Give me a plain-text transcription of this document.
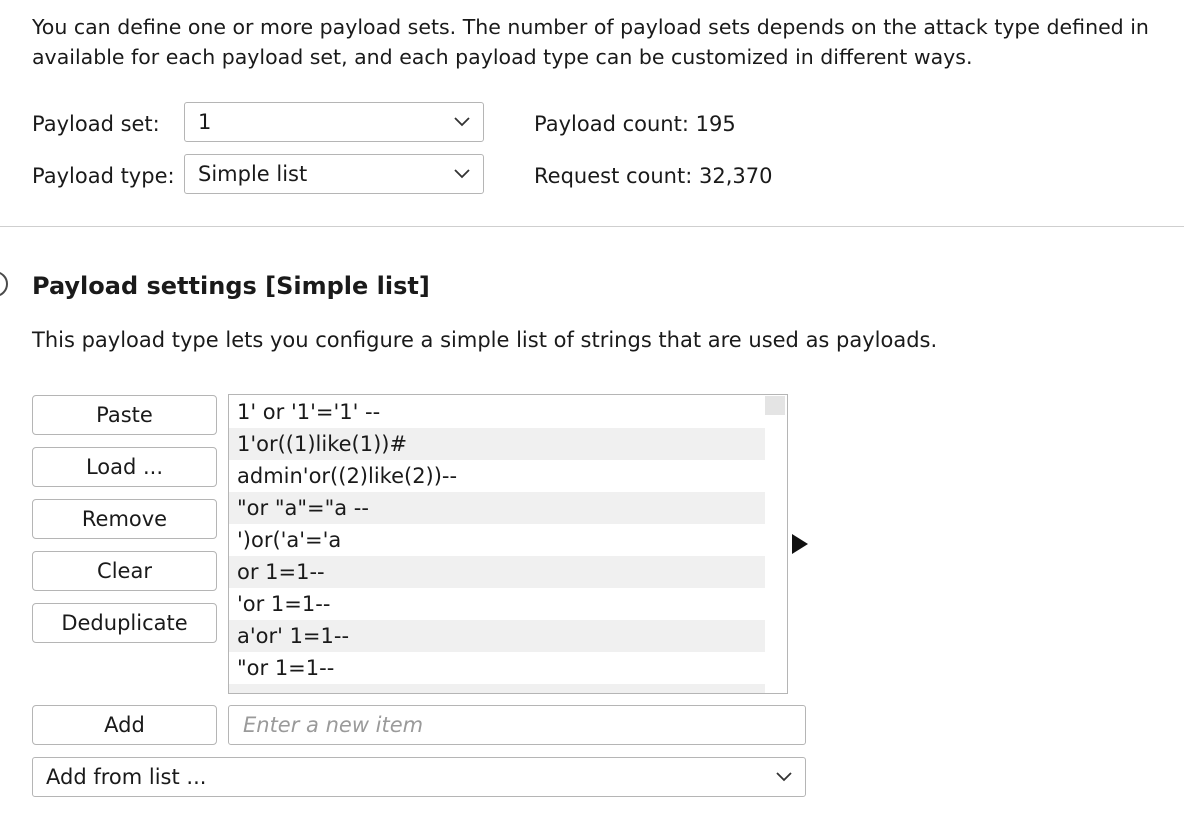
You can define one or more payload sets. The number of payload sets depends on the attack type defined in
available for each payload set, and each payload type can be customized in different ways.
Payload set:	1
Payload type:	Simple list
Payload count: 195
Request count: 32,370
Payload settings [Simple list]
This payload type lets you configure a simple list of strings that are used as payloads.
Paste
Load ...
Remove
Clear
Deduplicate
1' or '1'='1' --
1'or((1)like(1))#
admin'or((2)like(2))--
"or "a"="a --
')or('a'='a
or 1=1--
'or 1=1--
a'or' 1=1--
"or 1=1--
Add
Enter a new item
Add from list ...
